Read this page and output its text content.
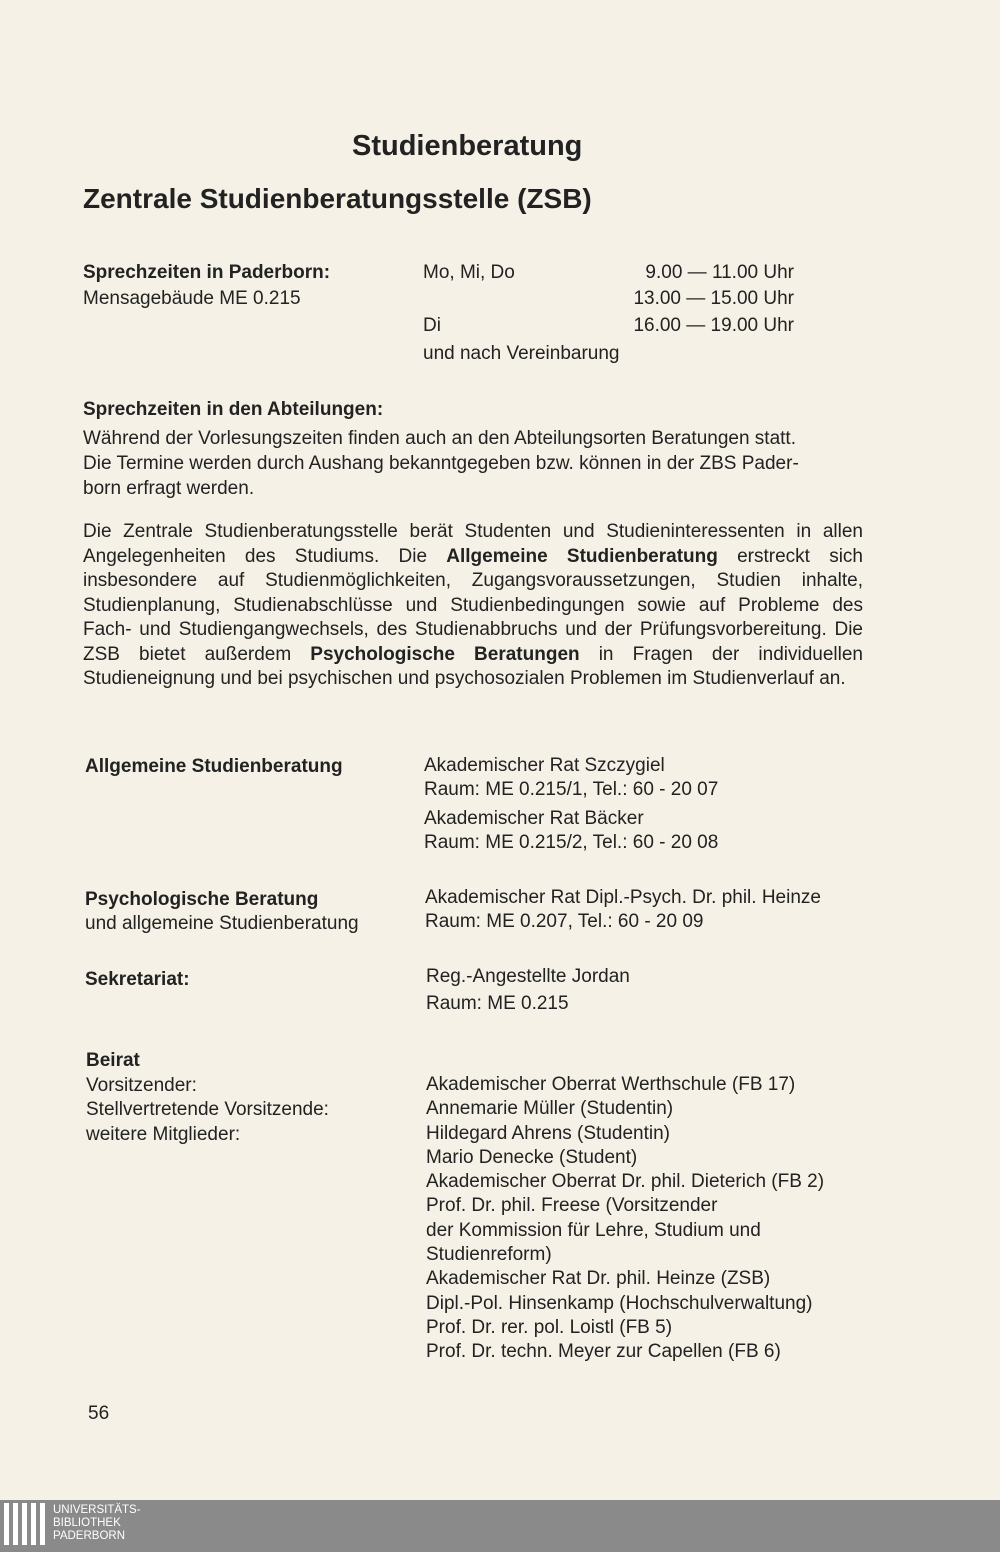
Studienberatung
Zentrale Studienberatungsstelle (ZSB)
Sprechzeiten in Paderborn:
Mensagebäude ME 0.215
Mo, Mi, Do
Di
9.00 — 11.00 Uhr
13.00 — 15.00 Uhr
16.00 — 19.00 Uhr
und nach Vereinbarung
Sprechzeiten in den Abteilungen:
Während der Vorlesungszeiten finden auch an den Abteilungsorten Beratungen statt.
Die Termine werden durch Aushang bekanntgegeben bzw. können in der ZBS Pader-
born erfragt werden.

Die Zentrale Studienberatungsstelle berät Studenten und Studieninteressenten in allen Angelegenheiten des Studiums. Die Allgemeine Studienberatung erstreckt sich insbesondere auf Studienmöglichkeiten, Zugangsvoraussetzungen, Studien inhalte, Studienplanung, Studienabschlüsse und Studienbedingungen sowie auf Probleme des Fach- und Studiengangwechsels, des Studienabbruchs und der Prüfungsvorbereitung. Die ZSB bietet außerdem Psychologische Beratungen in Fragen der individuellen Studieneignung und bei psychischen und psychosozialen Problemen im Studienverlauf an.

Allgemeine Studienberatung	Akademischer Rat Szczygiel
Raum: ME 0.215/1, Tel.: 60 - 20 07
Akademischer Rat Bäcker
Raum: ME 0.215/2, Tel.: 60 - 20 08
Psychologische Beratung
und allgemeine Studienberatung
Akademischer Rat Dipl.-Psych. Dr. phil. Heinze
Raum: ME 0.207, Tel.: 60 - 20 09
Sekretariat:	Reg.-Angestellte Jordan
Raum: ME 0.215
Beirat
Vorsitzender:
Stellvertretende Vorsitzende:
weitere Mitglieder:
Akademischer Oberrat Werthschule (FB 17)
Annemarie Müller (Studentin)
Hildegard Ahrens (Studentin)
Mario Denecke (Student)
Akademischer Oberrat Dr. phil. Dieterich (FB 2)
Prof. Dr. phil. Freese (Vorsitzender
der Kommission für Lehre, Studium und
Studienreform)
Akademischer Rat Dr. phil. Heinze (ZSB)
Dipl.-Pol. Hinsenkamp (Hochschulverwaltung)
Prof. Dr. rer. pol. Loistl (FB 5)
Prof. Dr. techn. Meyer zur Capellen (FB 6)
56
UNIVERSITÄTS-
BIBLIOTHEK
PADERBORN
